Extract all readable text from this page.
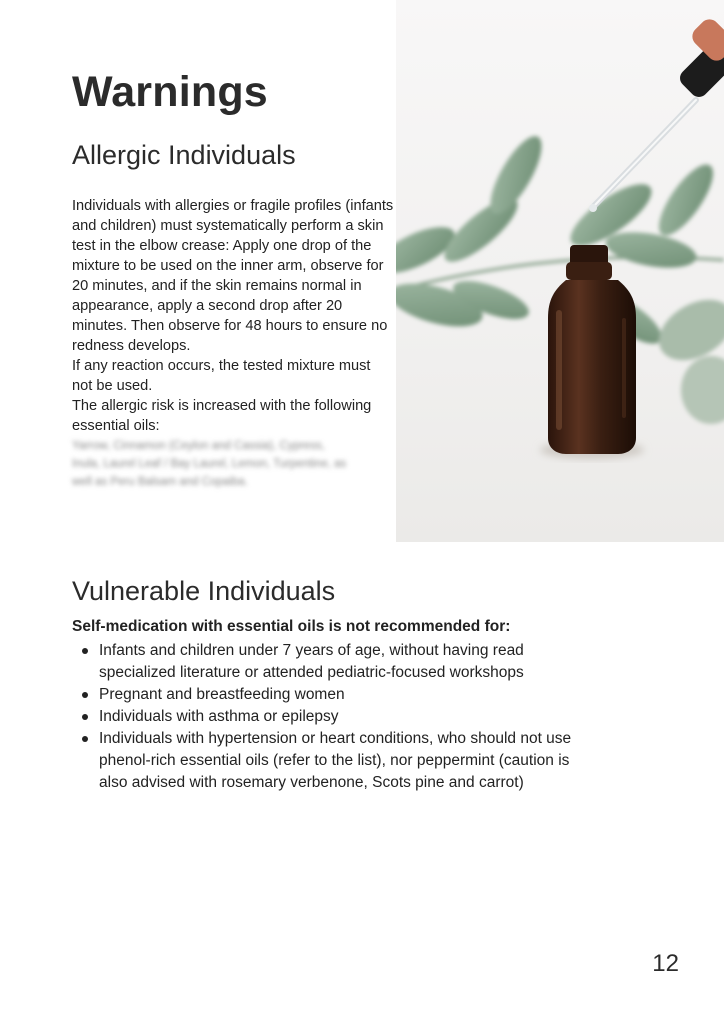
Warnings
Allergic Individuals

Individuals with allergies or fragile profiles (infants and children) must systematically perform a skin test in the elbow crease: Apply one drop of the mixture to be used on the inner arm, observe for 20 minutes, and if the skin remains normal in appearance, apply a second drop after 20 minutes. Then observe for 48 hours to ensure no redness develops.

If any reaction occurs, the tested mixture must not be used.

The allergic risk is increased with the following essential oils:

Yarrow, Cinnamon (Ceylon and Cassia), Cypress, Inula, Laurel Leaf / Bay Laurel, Lemon, Turpentine, as well as Peru Balsam and Copaiba.
Vulnerable Individuals

Self-medication with essential oils is not recommended for:

Infants and children under 7 years of age, without having read specialized literature or attended pediatric-focused workshops
Pregnant and breastfeeding women
Individuals with asthma or epilepsy
Individuals with hypertension or heart conditions, who should not use phenol-rich essential oils (refer to the list), nor peppermint (caution is also advised with rosemary verbenone, Scots pine and carrot)
12
